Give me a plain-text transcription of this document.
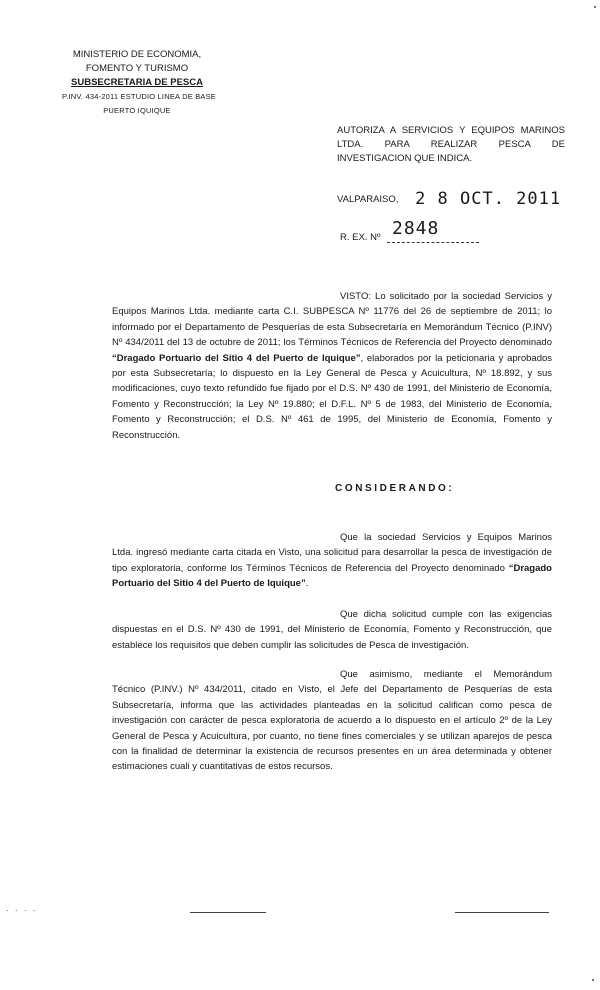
MINISTERIO DE ECONOMIA,
FOMENTO Y TURISMO
SUBSECRETARIA DE PESCA
P.INV. 434-2011 ESTUDIO LINEA DE BASE
PUERTO IQUIQUE
AUTORIZA A SERVICIOS Y EQUIPOS MARINOS LTDA. PARA REALIZAR PESCA DE INVESTIGACION QUE INDICA.
VALPARAISO, 2 8 OCT. 2011
R. EX. Nº 2848
VISTO: Lo solicitado por la sociedad Servicios y Equipos Marinos Ltda. mediante carta C.I. SUBPESCA Nº 11776 del 26 de septiembre de 2011; lo informado por el Departamento de Pesquerías de esta Subsecretaría en Memorándum Técnico (P.INV) Nº 434/2011 del 13 de octubre de 2011; los Términos Técnicos de Referencia del Proyecto denominado “Dragado Portuario del Sitio 4 del Puerto de Iquique”, elaborados por la peticionaria y aprobados por esta Subsecretaría; lo dispuesto en la Ley General de Pesca y Acuicultura, Nº 18.892, y sus modificaciones, cuyo texto refundido fue fijado por el D.S. Nº 430 de 1991, del Ministerio de Economía, Fomento y Reconstrucción; la Ley Nº 19.880; el D.F.L. Nº 5 de 1983, del Ministerio de Economía, Fomento y Reconstrucción; el D.S. Nº 461 de 1995, del Ministerio de Economía, Fomento y Reconstrucción.
CONSIDERANDO:
Que la sociedad Servicios y Equipos Marinos Ltda. ingresó mediante carta citada en Visto, una solicitud para desarrollar la pesca de investigación de tipo exploratoria, conforme los Términos Técnicos de Referencia del Proyecto denominado “Dragado Portuario del Sitio 4 del Puerto de Iquique”.
Que dicha solicitud cumple con las exigencias dispuestas en el D.S. Nº 430 de 1991, del Ministerio de Economía, Fomento y Reconstrucción, que establece los requisitos que deben cumplir las solicitudes de Pesca de investigación.
Que asimismo, mediante el Memorándum Técnico (P.INV.) Nº 434/2011, citado en Visto, el Jefe del Departamento de Pesquerías de esta Subsecretaría, informa que las actividades planteadas en la solicitud califican como pesca de investigación con carácter de pesca exploratoria de acuerdo a lo dispuesto en el artículo 2º de la Ley General de Pesca y Acuicultura, por cuanto, no tiene fines comerciales y se utilizan aparejos de pesca con la finalidad de determinar la existencia de recursos presentes en un área determinada y obtener estimaciones cuali y cuantitativas de estos recursos.
. . . .
